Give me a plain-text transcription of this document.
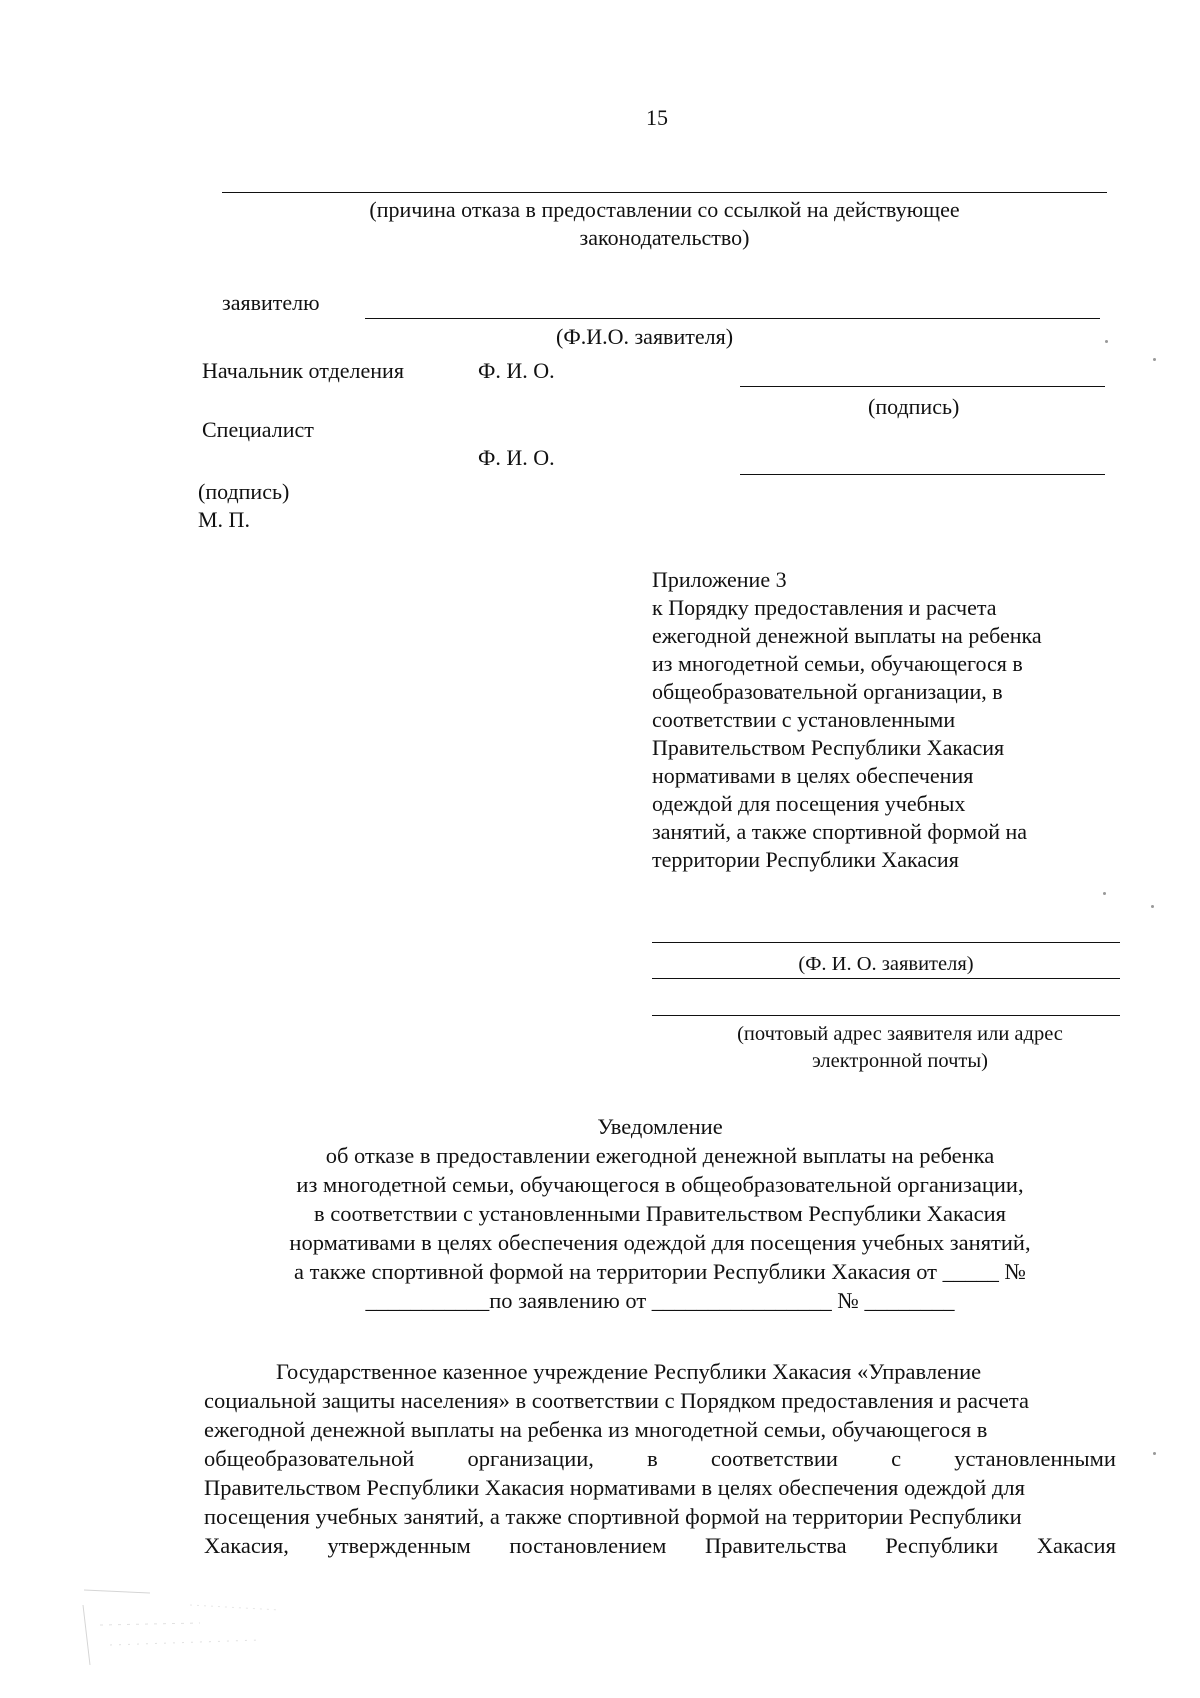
15
(причина отказа в предоставлении со ссылкой на действующее
законодательство)
заявителю
(Ф.И.О. заявителя)
Начальник отделения	Ф. И. О.
(подпись)
Специалист
Ф. И. О.
(подпись)
М. П.
Приложение 3
к Порядку предоставления и расчета
ежегодной денежной выплаты на ребенка
из многодетной семьи, обучающегося в
общеобразовательной организации, в
соответствии с установленными
Правительством Республики Хакасия
нормативами в целях обеспечения
одеждой для посещения учебных
занятий, а также спортивной формой на
территории Республики Хакасия
(Ф. И. О. заявителя)
(почтовый адрес заявителя или адрес
электронной почты)
Уведомление
об отказе в предоставлении ежегодной денежной выплаты на ребенка
из многодетной семьи, обучающегося в общеобразовательной организации,
в соответствии с установленными Правительством Республики Хакасия
нормативами в целях обеспечения одеждой для посещения учебных занятий,
а также спортивной формой на территории Республики Хакасия от _____ №
___________по заявлению от ________________ № ________
Государственное казенное учреждение Республики Хакасия «Управление
социальной защиты населения» в соответствии с Порядком предоставления и расчета
ежегодной денежной выплаты на ребенка из многодетной семьи, обучающегося в
общеобразовательной организации, в соответствии с установленными
Правительством Республики Хакасия нормативами в целях обеспечения одеждой для
посещения учебных занятий, а также спортивной формой на территории Республики
Хакасия, утвержденным постановлением Правительства Республики Хакасия
